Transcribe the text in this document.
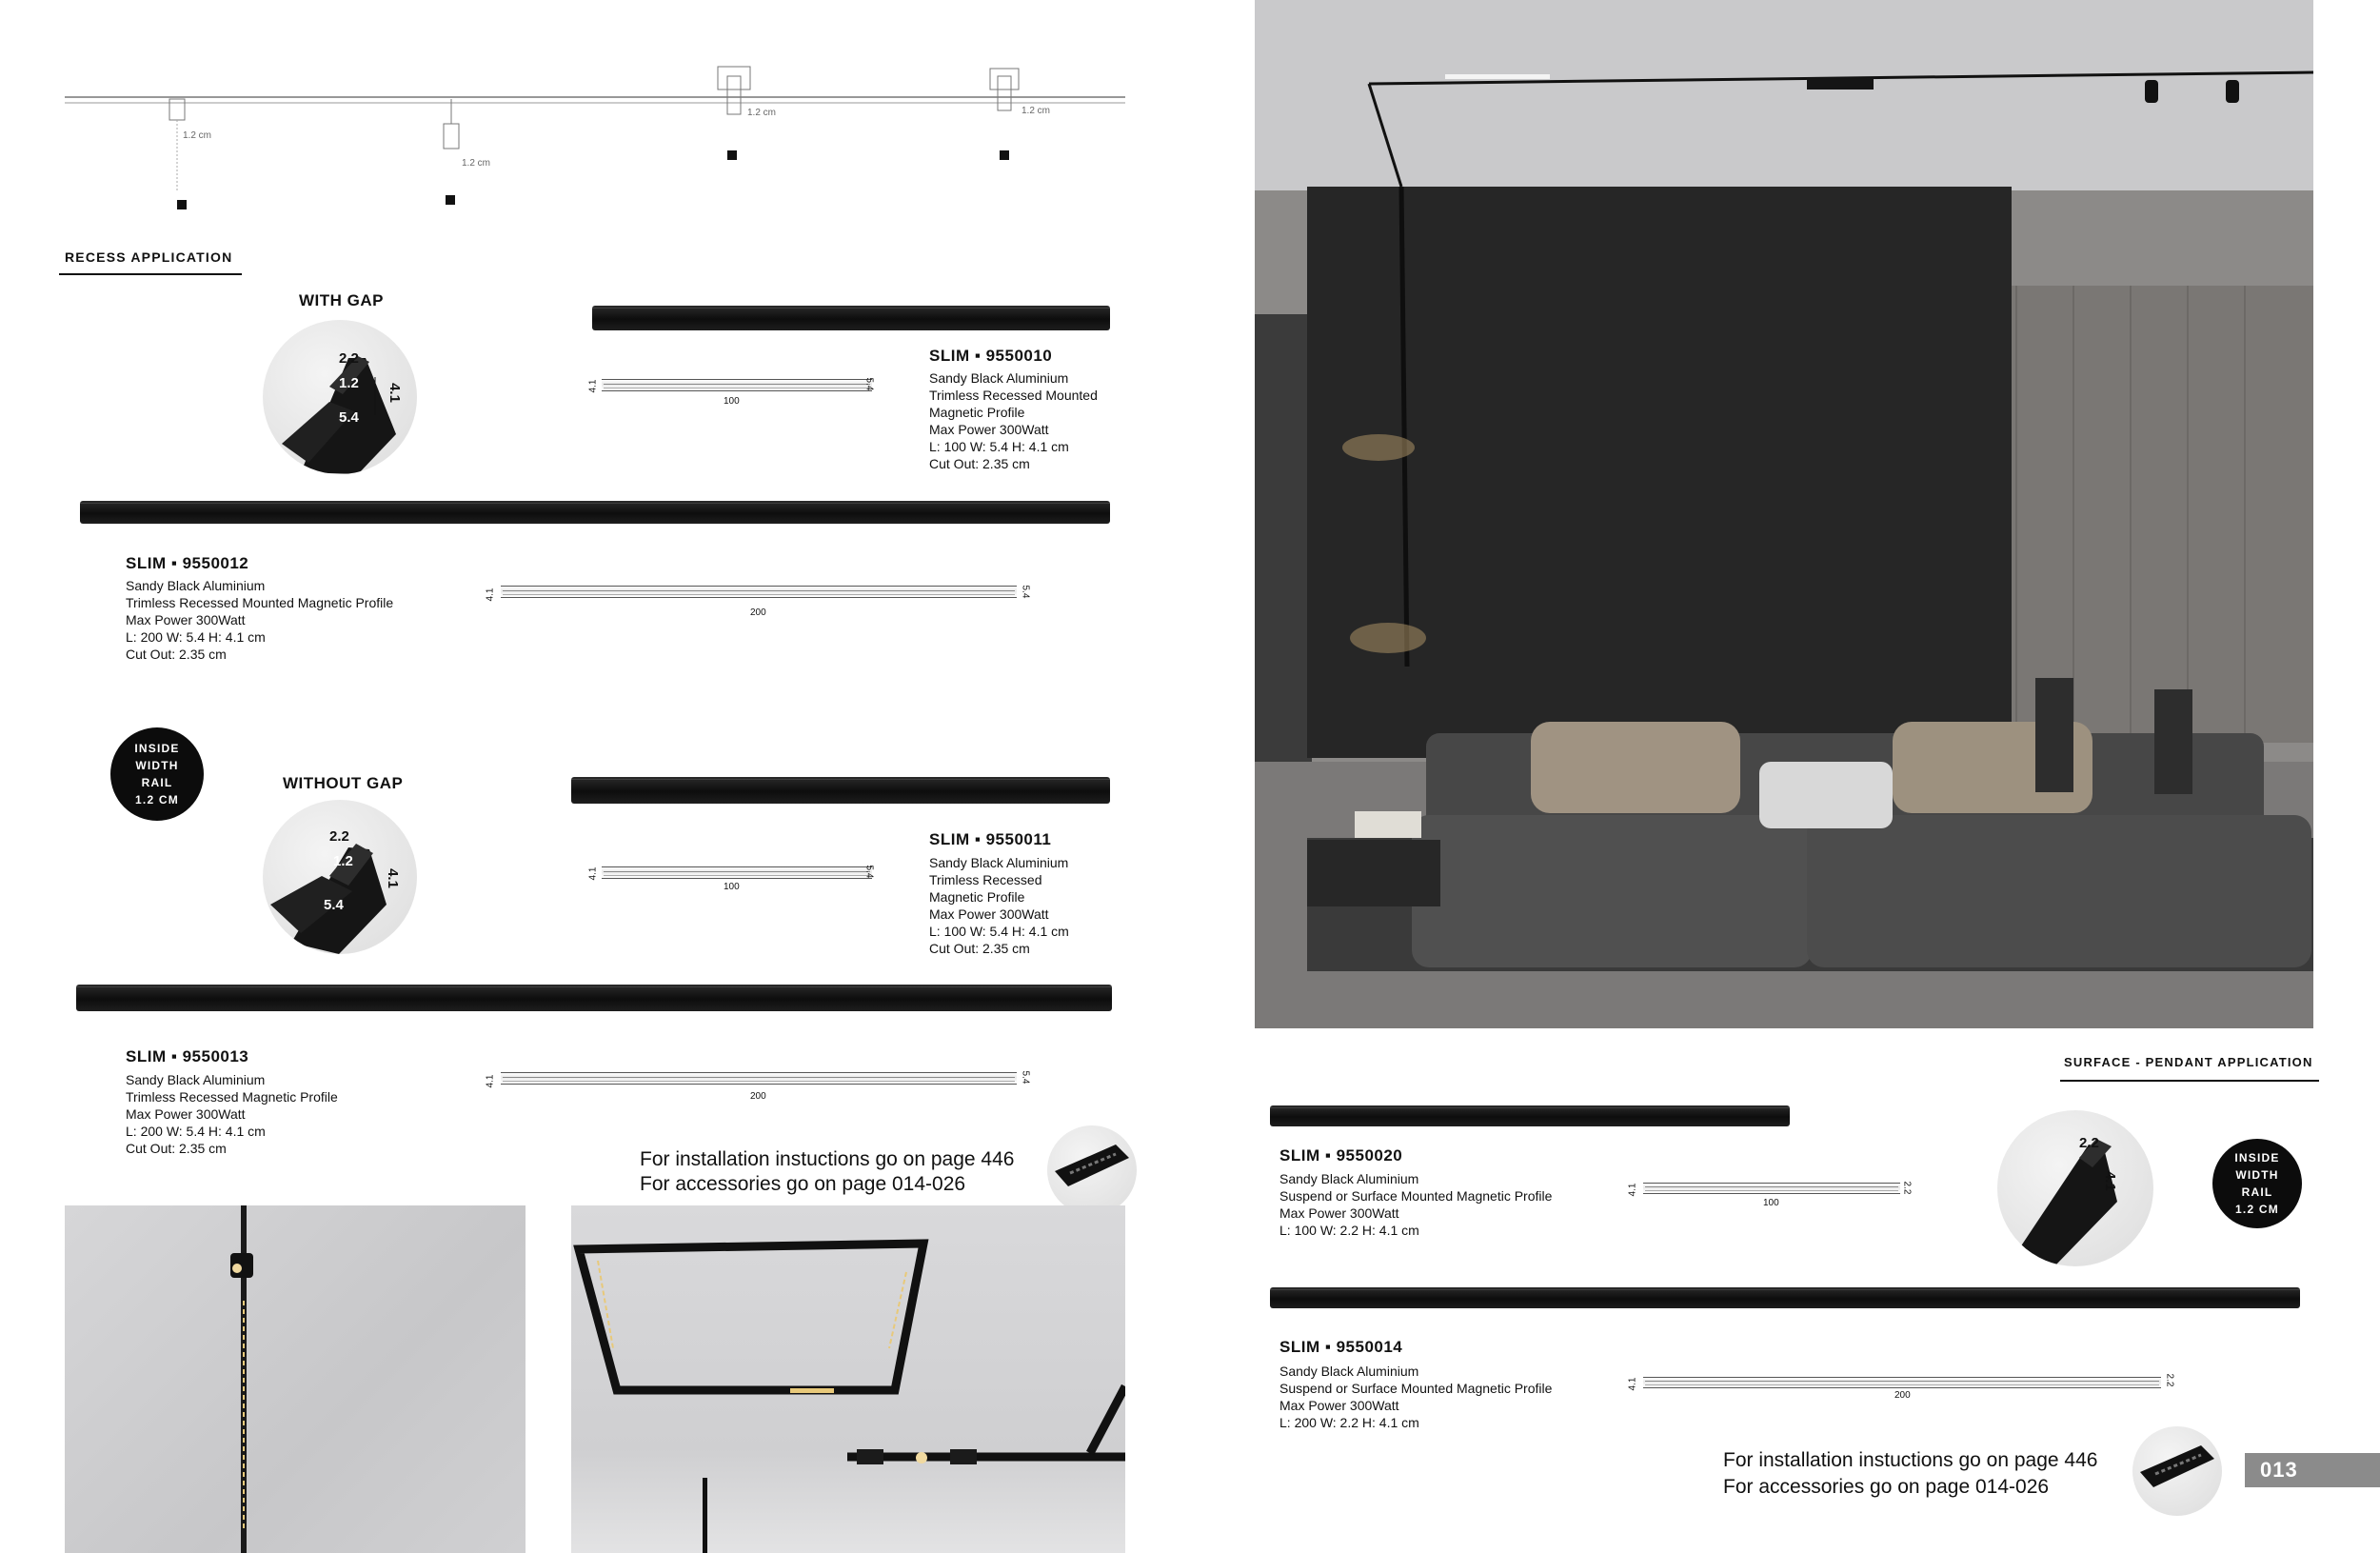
1.2 cm
1.2 cm
1.2 cm	1.2 cm
RECESS APPLICATION
WITH GAP
2.2
1.2 4.1
5.4
100
4.1	5.4
SLIM ▪ 9550010
Sandy Black Aluminium
Trimless Recessed Mounted
Magnetic Profile
Max Power 300Watt
L: 100 W: 5.4 H: 4.1 cm
Cut Out: 2.35 cm
SLIM ▪ 9550012
Sandy Black Aluminium
Trimless Recessed Mounted Magnetic Profile
Max Power 300Watt
L: 200 W: 5.4 H: 4.1 cm
Cut Out: 2.35 cm
200
4.1	5.4
INSIDE
WIDTH
RAIL
1.2 CM
WITHOUT GAP
2.2
1.2
4.1
5.4
100
4.1	5.4
SLIM ▪ 9550011
Sandy Black Aluminium
Trimless Recessed
Magnetic Profile
Max Power 300Watt
L: 100 W: 5.4 H: 4.1 cm
Cut Out: 2.35 cm
SLIM ▪ 9550013
Sandy Black Aluminium
Trimless Recessed Magnetic Profile
Max Power 300Watt
L: 200 W: 5.4 H: 4.1 cm
Cut Out: 2.35 cm
200
4.1	5.4
For installation instuctions go on page 446
For accessories go on page 014-026
SURFACE - PENDANT APPLICATION
SLIM ▪ 9550020
Sandy Black Aluminium
Suspend or Surface Mounted Magnetic Profile
Max Power 300Watt
L: 100 W: 2.2 H: 4.1 cm
100
4.1	2.2
2.2
4.1
INSIDE
WIDTH
RAIL
1.2 CM
SLIM ▪ 9550014
Sandy Black Aluminium
Suspend or Surface Mounted Magnetic Profile
Max Power 300Watt
L: 200 W: 2.2 H: 4.1 cm
200
4.1	2.2
For installation instuctions go on page 446
For accessories go on page 014-026
013
